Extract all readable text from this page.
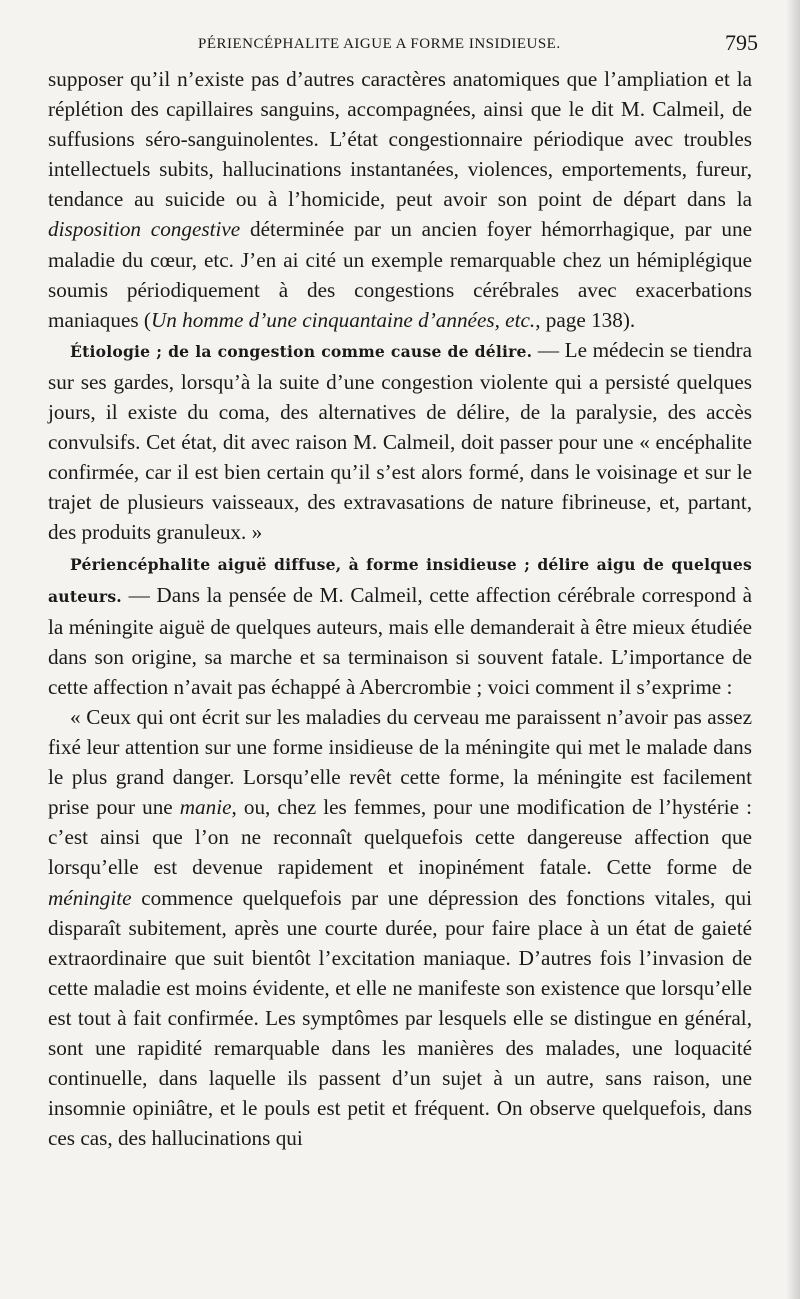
PÉRIENCÉPHALITE AIGUE A FORME INSIDIEUSE.	795

supposer qu’il n’existe pas d’autres caractères anatomiques que l’ampliation et la réplétion des capillaires sanguins, accompagnées, ainsi que le dit M. Calmeil, de suffusions séro-sanguinolentes. L’état congestionnaire périodique avec troubles intellectuels subits, hallucinations instantanées, violences, emportements, fureur, tendance au suicide ou à l’homicide, peut avoir son point de départ dans la disposition congestive déterminée par un ancien foyer hémorrhagique, par une maladie du cœur, etc. J’en ai cité un exemple remarquable chez un hémiplégique soumis périodiquement à des congestions cérébrales avec exacerbations maniaques (Un homme d’une cinquantaine d’années, etc., page 138).

Étiologie ; de la congestion comme cause de délire. — Le médecin se tiendra sur ses gardes, lorsqu’à la suite d’une congestion violente qui a persisté quelques jours, il existe du coma, des alternatives de délire, de la paralysie, des accès convulsifs. Cet état, dit avec raison M. Calmeil, doit passer pour une « encéphalite confirmée, car il est bien certain qu’il s’est alors formé, dans le voisinage et sur le trajet de plusieurs vaisseaux, des extravasations de nature fibrineuse, et, partant, des produits granuleux. »

Périencéphalite aiguë diffuse, à forme insidieuse ; délire aigu de quelques auteurs. — Dans la pensée de M. Calmeil, cette affection cérébrale correspond à la méningite aiguë de quelques auteurs, mais elle demanderait à être mieux étudiée dans son origine, sa marche et sa terminaison si souvent fatale. L’importance de cette affection n’avait pas échappé à Abercrombie ; voici comment il s’exprime :

« Ceux qui ont écrit sur les maladies du cerveau me paraissent n’avoir pas assez fixé leur attention sur une forme insidieuse de la méningite qui met le malade dans le plus grand danger. Lorsqu’elle revêt cette forme, la méningite est facilement prise pour une manie, ou, chez les femmes, pour une modification de l’hystérie : c’est ainsi que l’on ne reconnaît quelquefois cette dangereuse affection que lorsqu’elle est devenue rapidement et inopinément fatale. Cette forme de méningite commence quelquefois par une dépression des fonctions vitales, qui disparaît subitement, après une courte durée, pour faire place à un état de gaieté extraordinaire que suit bientôt l’excitation maniaque. D’autres fois l’invasion de cette maladie est moins évidente, et elle ne manifeste son existence que lorsqu’elle est tout à fait confirmée. Les symptômes par lesquels elle se distingue en général, sont une rapidité remarquable dans les manières des malades, une loquacité continuelle, dans laquelle ils passent d’un sujet à un autre, sans raison, une insomnie opiniâtre, et le pouls est petit et fréquent. On observe quelquefois, dans ces cas, des hallucinations qui
